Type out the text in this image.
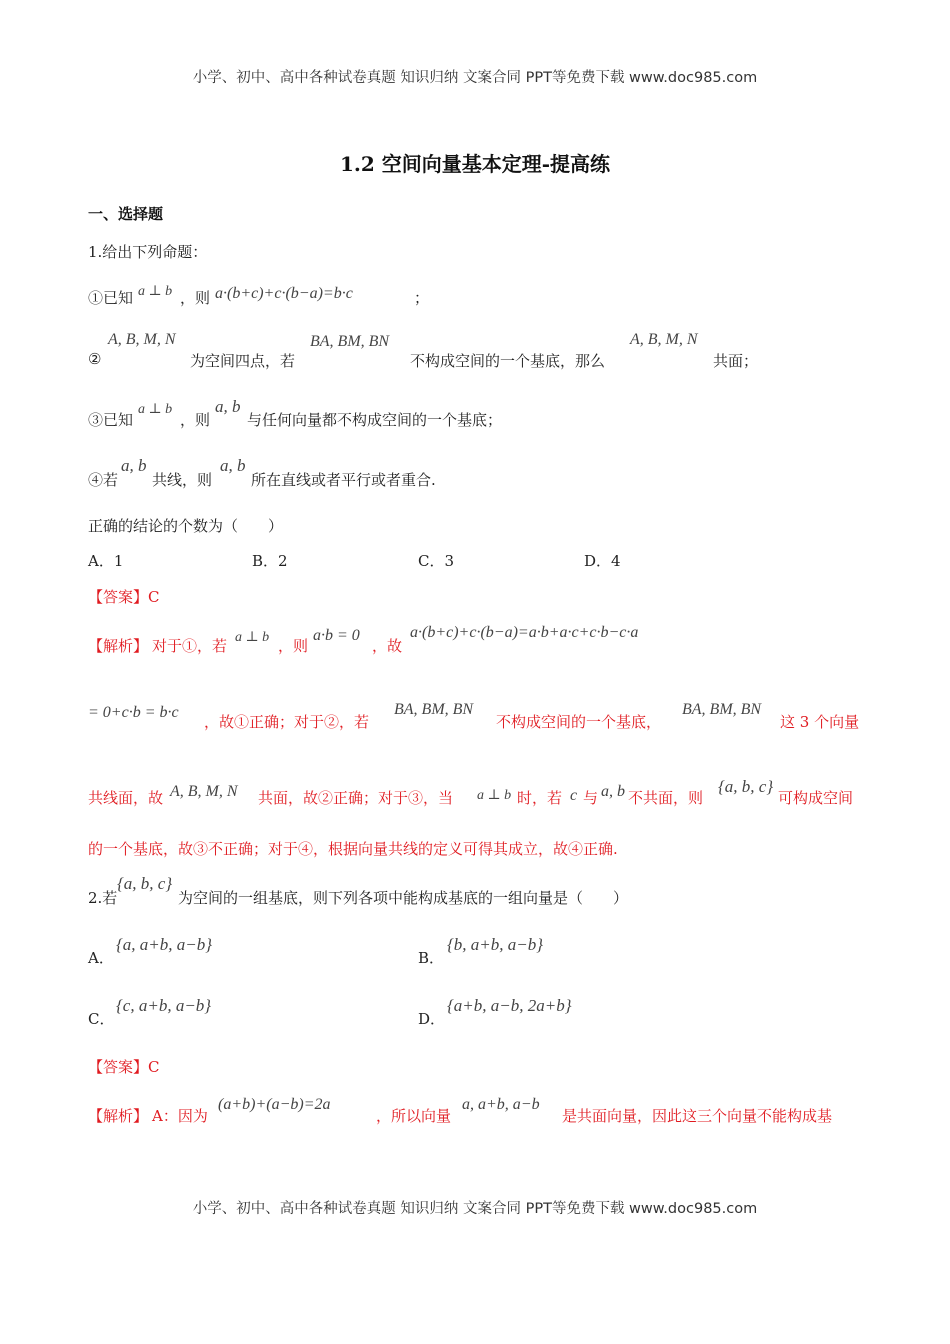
小学、初中、高中各种试卷真题 知识归纳 文案合同 PPT等免费下载 www.doc985.com
1.2 空间向量基本定理-提高练
一、选择题
1.给出下列命题：
①已知 a ⊥ b ，则 a·(b+c)+c·(b−a)=b·c	；
②
A, B, M, N
为空间四点，若
BA, BM, BN
不构成空间的一个基底，那么
A, B, M, N
共面；
③已知
a ⊥ b
，则
a, b
与任何向量都不构成空间的一个基底；
④若
a, b
共线，则
a, b
所在直线或者平行或者重合.
正确的结论的个数为（　　）
A．1	B．2	C．3	D．4
【答案】C
【解析】 对于①，若 a ⊥ b ，则
a·b = 0
，故
a·(b+c)+c·(b−a)=a·b+a·c+c·b−c·a
= 0+c·b = b·c
，故①正确；对于②，若
BA, BM, BN
不构成空间的一个基底，
BA, BM, BN
这 3 个向量
共线面，故 A, B, M, N 共面，故②正确；对于③，当 a ⊥ b 时，若 c 与 a, b 不共面，则
{a, b, c}
可构成空间
的一个基底，故③不正确；对于④，根据向量共线的定义可得其成立，故④正确.
2.若
{a, b, c}
为空间的一组基底，则下列各项中能构成基底的一组向量是（　　）
A．
{a, a+b, a−b}
B．
{b, a+b, a−b}
C．
{c, a+b, a−b}
D．
{a+b, a−b, 2a+b}
【答案】C
【解析】 A：因为
(a+b)+(a−b)=2a
，所以向量
a, a+b, a−b
是共面向量，因此这三个向量不能构成基
小学、初中、高中各种试卷真题 知识归纳 文案合同 PPT等免费下载 www.doc985.com
